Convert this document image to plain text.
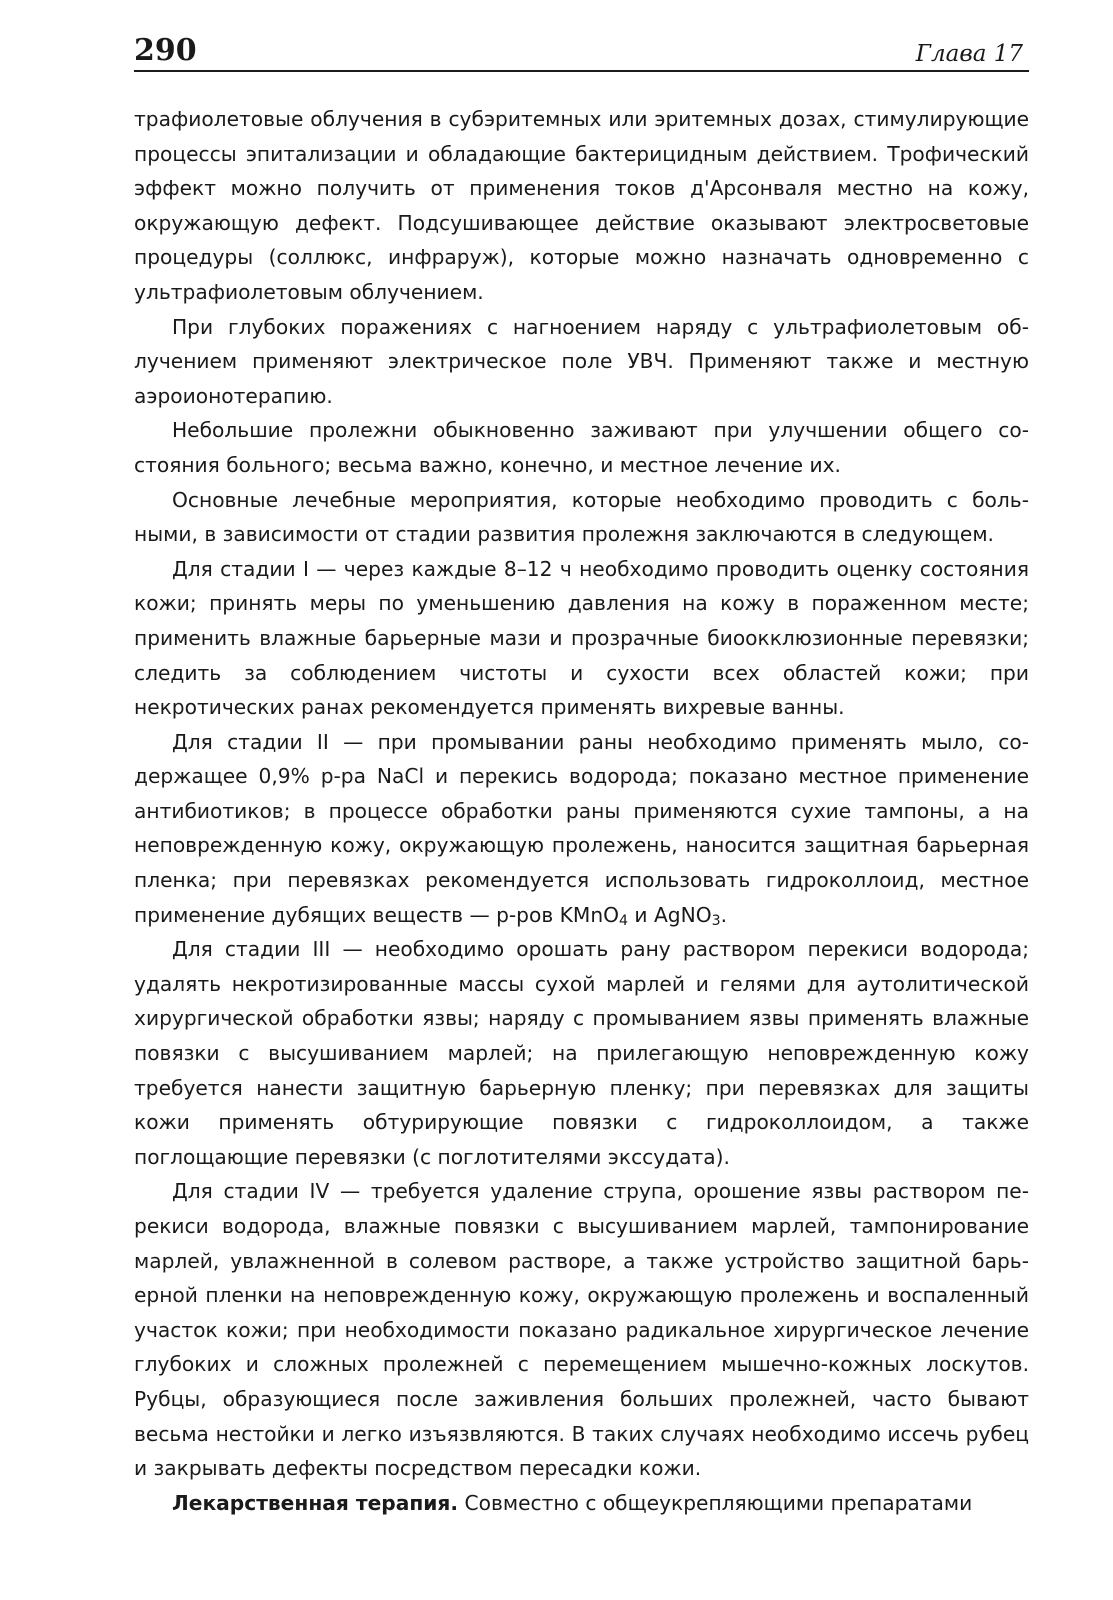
290	Глава 17

трафиолетовые облучения в субэритемных или эритемных дозах, стимулирующие процессы эпитализации и обладающие бактерицидным действием. Трофический эффект можно получить от применения токов д'Арсонваля местно на кожу, окружающую дефект. Подсушивающее действие оказывают электросветовые процедуры (соллюкс, инфраруж), которые можно назначать одновременно с ультрафиолетовым облучением.

При глубоких поражениях с нагноением наряду с ультрафиолетовым облучением применяют электрическое поле УВЧ. Применяют также и местную аэроионотерапию.

Небольшие пролежни обыкновенно заживают при улучшении общего состояния больного; весьма важно, конечно, и местное лечение их.

Основные лечебные мероприятия, которые необходимо проводить с больными, в зависимости от стадии развития пролежня заключаются в следующем.

Для стадии I — через каждые 8–12 ч необходимо проводить оценку состояния кожи; принять меры по уменьшению давления на кожу в пораженном месте; применить влажные барьерные мази и прозрачные биоокклюзионные перевязки; следить за соблюдением чистоты и сухости всех областей кожи; при некротических ранах рекомендуется применять вихревые ванны.

Для стадии II — при промывании раны необходимо применять мыло, содержащее 0,9% р-ра NaCl и перекись водорода; показано местное применение антибиотиков; в процессе обработки раны применяются сухие тампоны, а на неповрежденную кожу, окружающую пролежень, наносится защитная барьерная пленка; при перевязках рекомендуется использовать гидроколлоид, местное применение дубящих веществ — р-ров KMnO$_4$ и AgNO$_3$.

Для стадии III — необходимо орошать рану раствором перекиси водорода; удалять некротизированные массы сухой марлей и гелями для аутолитической хирургической обработки язвы; наряду с промыванием язвы применять влажные повязки с высушиванием марлей; на прилегающую неповрежденную кожу требуется нанести защитную барьерную пленку; при перевязках для защиты кожи применять обтурирующие повязки с гидроколлоидом, а также поглощающие перевязки (с поглотителями экссудата).

Для стадии IV — требуется удаление струпа, орошение язвы раствором перекиси водорода, влажные повязки с высушиванием марлей, тампонирование марлей, увлажненной в солевом растворе, а также устройство защитной барьерной пленки на неповрежденную кожу, окружающую пролежень и воспаленный участок кожи; при необходимости показано радикальное хирургическое лечение глубоких и сложных пролежней с перемещением мышечно-кожных лоскутов. Рубцы, образующиеся после заживления больших пролежней, часто бывают весьма нестойки и легко изъязвляются. В таких случаях необходимо иссечь рубец и закрывать дефекты посредством пересадки кожи.

Лекарственная терапия. Совместно с общеукрепляющими препаратами
